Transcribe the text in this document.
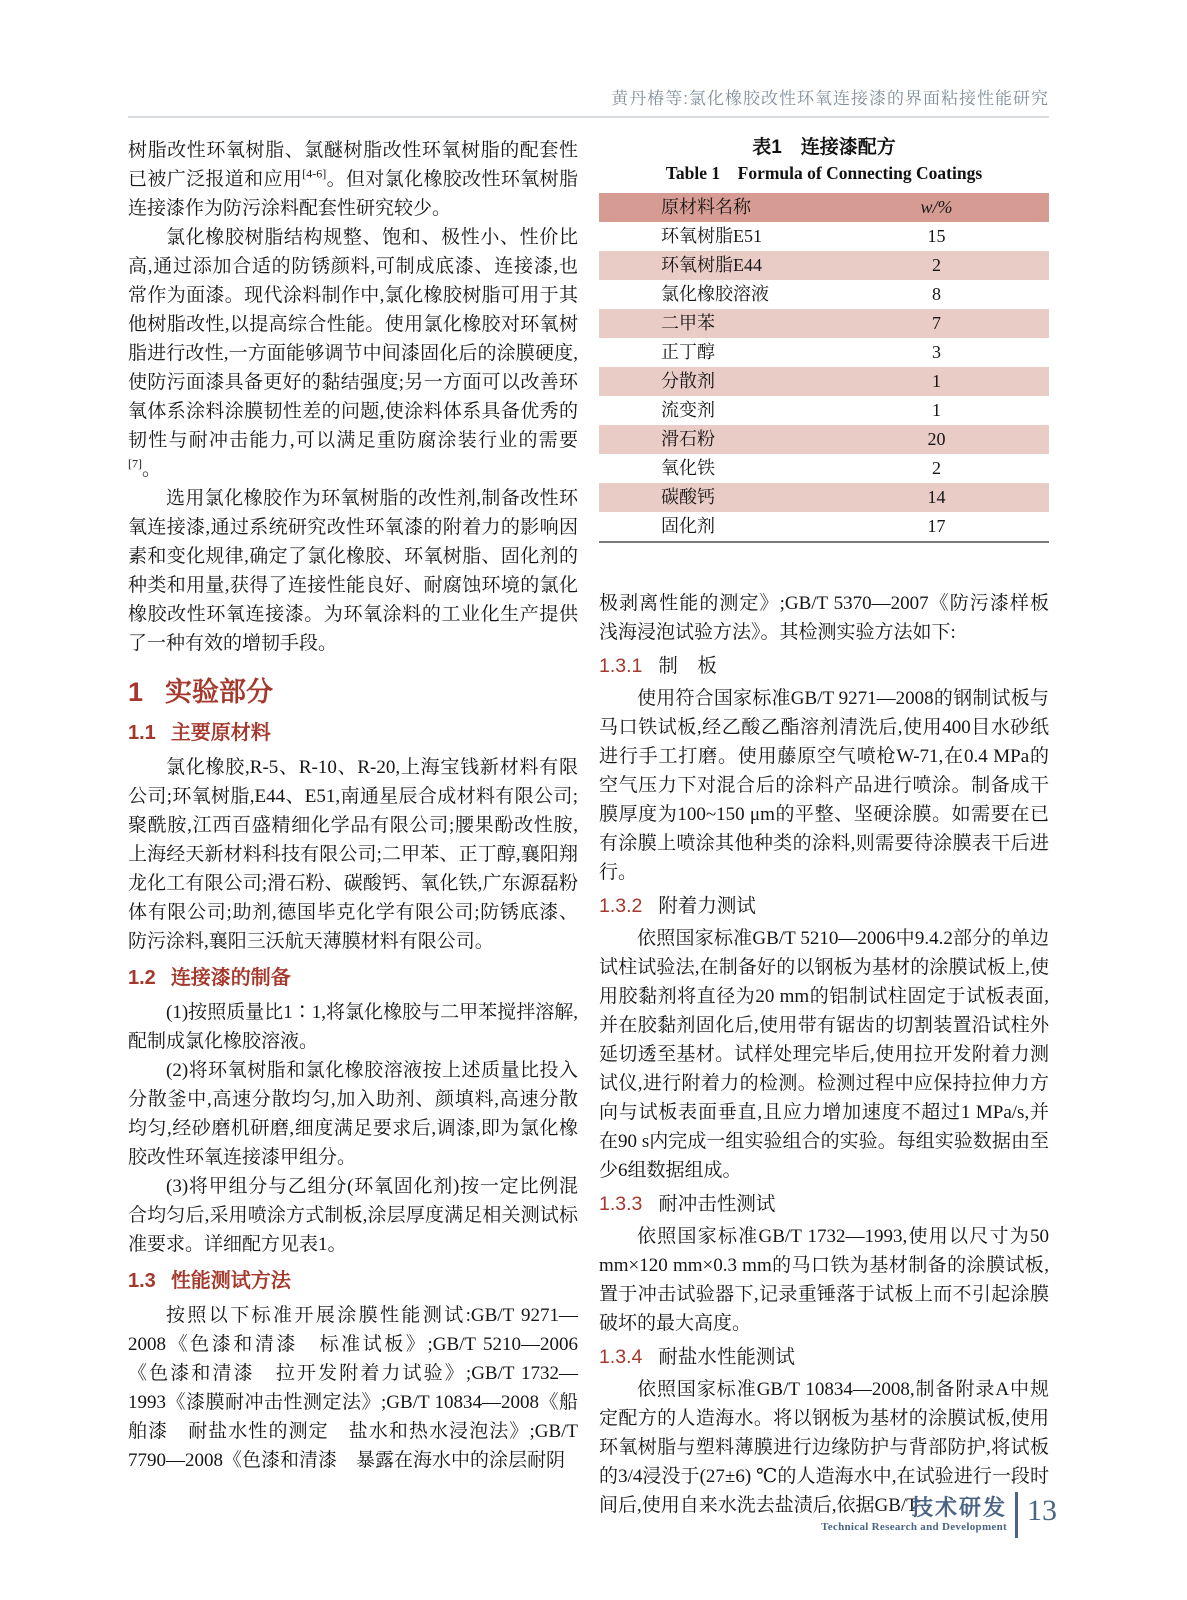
黄丹椿等:氯化橡胶改性环氧连接漆的界面粘接性能研究

树脂改性环氧树脂、氯醚树脂改性环氧树脂的配套性已被广泛报道和应用[4-6]。但对氯化橡胶改性环氧树脂连接漆作为防污涂料配套性研究较少。

氯化橡胶树脂结构规整、饱和、极性小、性价比高,通过添加合适的防锈颜料,可制成底漆、连接漆,也常作为面漆。现代涂料制作中,氯化橡胶树脂可用于其他树脂改性,以提高综合性能。使用氯化橡胶对环氧树脂进行改性,一方面能够调节中间漆固化后的涂膜硬度,使防污面漆具备更好的黏结强度;另一方面可以改善环氧体系涂料涂膜韧性差的问题,使涂料体系具备优秀的韧性与耐冲击能力,可以满足重防腐涂装行业的需要[7]。

选用氯化橡胶作为环氧树脂的改性剂,制备改性环氧连接漆,通过系统研究改性环氧漆的附着力的影响因素和变化规律,确定了氯化橡胶、环氧树脂、固化剂的种类和用量,获得了连接性能良好、耐腐蚀环境的氯化橡胶改性环氧连接漆。为环氧涂料的工业化生产提供了一种有效的增韧手段。

1 实验部分
1.1 主要原材料

氯化橡胶,R-5、R-10、R-20,上海宝钱新材料有限公司;环氧树脂,E44、E51,南通星辰合成材料有限公司;聚酰胺,江西百盛精细化学品有限公司;腰果酚改性胺,上海经天新材料科技有限公司;二甲苯、正丁醇,襄阳翔龙化工有限公司;滑石粉、碳酸钙、氧化铁,广东源磊粉体有限公司;助剂,德国毕克化学有限公司;防锈底漆、防污涂料,襄阳三沃航天薄膜材料有限公司。

1.2 连接漆的制备

(1)按照质量比1∶1,将氯化橡胶与二甲苯搅拌溶解,配制成氯化橡胶溶液。

(2)将环氧树脂和氯化橡胶溶液按上述质量比投入分散釜中,高速分散均匀,加入助剂、颜填料,高速分散均匀,经砂磨机研磨,细度满足要求后,调漆,即为氯化橡胶改性环氧连接漆甲组分。

(3)将甲组分与乙组分(环氧固化剂)按一定比例混合均匀后,采用喷涂方式制板,涂层厚度满足相关测试标准要求。详细配方见表1。

1.3 性能测试方法

按照以下标准开展涂膜性能测试:GB/T 9271—2008《色漆和清漆　标准试板》;GB/T 5210—2006《色漆和清漆　拉开发附着力试验》;GB/T 1732—1993《漆膜耐冲击性测定法》;GB/T 10834—2008《船舶漆　耐盐水性的测定　盐水和热水浸泡法》;GB/T 7790—2008《色漆和清漆　暴露在海水中的涂层耐阴

表1　连接漆配方
Table 1　Formula of Connecting Coatings
原材料名称	w/%
环氧树脂E51	15
环氧树脂E44	2
氯化橡胶溶液	8
二甲苯	7
正丁醇	3
分散剂	1
流变剂	1
滑石粉	20
氧化铁	2
碳酸钙	14
固化剂	17

极剥离性能的测定》;GB/T 5370—2007《防污漆样板浅海浸泡试验方法》。其检测实验方法如下:

1.3.1 制　板

使用符合国家标准GB/T 9271—2008的钢制试板与马口铁试板,经乙酸乙酯溶剂清洗后,使用400目水砂纸进行手工打磨。使用藤原空气喷枪W-71,在0.4 MPa的空气压力下对混合后的涂料产品进行喷涂。制备成干膜厚度为100~150 μm的平整、坚硬涂膜。如需要在已有涂膜上喷涂其他种类的涂料,则需要待涂膜表干后进行。

1.3.2 附着力测试

依照国家标准GB/T 5210—2006中9.4.2部分的单边试柱试验法,在制备好的以钢板为基材的涂膜试板上,使用胶黏剂将直径为20 mm的铝制试柱固定于试板表面,并在胶黏剂固化后,使用带有锯齿的切割装置沿试柱外延切透至基材。试样处理完毕后,使用拉开发附着力测试仪,进行附着力的检测。检测过程中应保持拉伸力方向与试板表面垂直,且应力增加速度不超过1 MPa/s,并在90 s内完成一组实验组合的实验。每组实验数据由至少6组数据组成。

1.3.3 耐冲击性测试

依照国家标准GB/T 1732—1993,使用以尺寸为50 mm×120 mm×0.3 mm的马口铁为基材制备的涂膜试板,置于冲击试验器下,记录重锤落于试板上而不引起涂膜破坏的最大高度。

1.3.4 耐盐水性能测试

依照国家标准GB/T 10834—2008,制备附录A中规定配方的人造海水。将以钢板为基材的涂膜试板,使用环氧树脂与塑料薄膜进行边缘防护与背部防护,将试板的3/4浸没于(27±6) ℃的人造海水中,在试验进行一段时间后,使用自来水洗去盐渍后,依据GB/T

技术研发
Technical Research and Development 13
